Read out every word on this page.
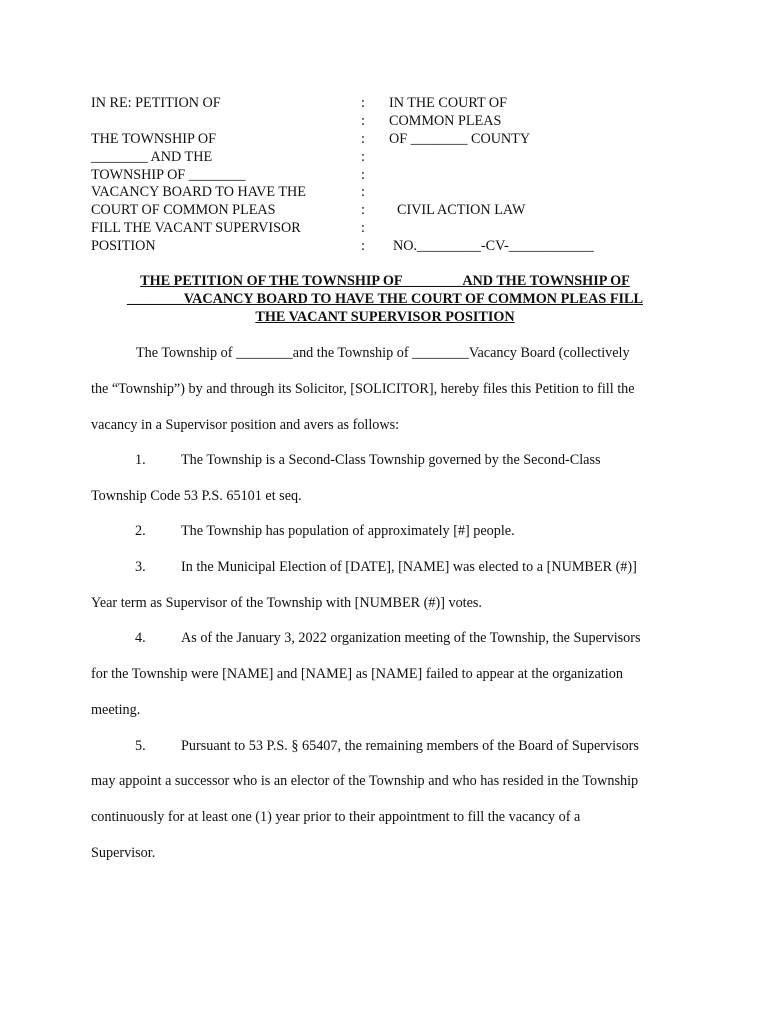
IN RE: PETITION OF
THE TOWNSHIP OF
________ AND THE
TOWNSHIP OF ________
VACANCY BOARD TO HAVE THE
COURT OF COMMON PLEAS
FILL THE VACANT SUPERVISOR
POSITION
:
:
:
:
:
:
:
:
:
IN THE COURT OF
COMMON PLEAS
OF ________ COUNTY
CIVIL ACTION LAW
NO._________-CV-____________
THE PETITION OF THE TOWNSHIP OF ________AND THE TOWNSHIP OF
________VACANCY BOARD TO HAVE THE COURT OF COMMON PLEAS FILL
THE VACANT SUPERVISOR POSITION
The Township of ________and the Township of ________Vacancy Board (collectively
the “Township”) by and through its Solicitor, [SOLICITOR], hereby files this Petition to fill the
vacancy in a Supervisor position and avers as follows:
1. The Township is a Second-Class Township governed by the Second-Class
Township Code 53 P.S. 65101 et seq.
2. The Township has population of approximately [#] people.
3. In the Municipal Election of [DATE], [NAME] was elected to a [NUMBER (#)]
Year term as Supervisor of the Township with [NUMBER (#)] votes.
4. As of the January 3, 2022 organization meeting of the Township, the Supervisors
for the Township were [NAME] and [NAME] as [NAME] failed to appear at the organization
meeting.
5. Pursuant to 53 P.S. § 65407, the remaining members of the Board of Supervisors
may appoint a successor who is an elector of the Township and who has resided in the Township
continuously for at least one (1) year prior to their appointment to fill the vacancy of a
Supervisor.
